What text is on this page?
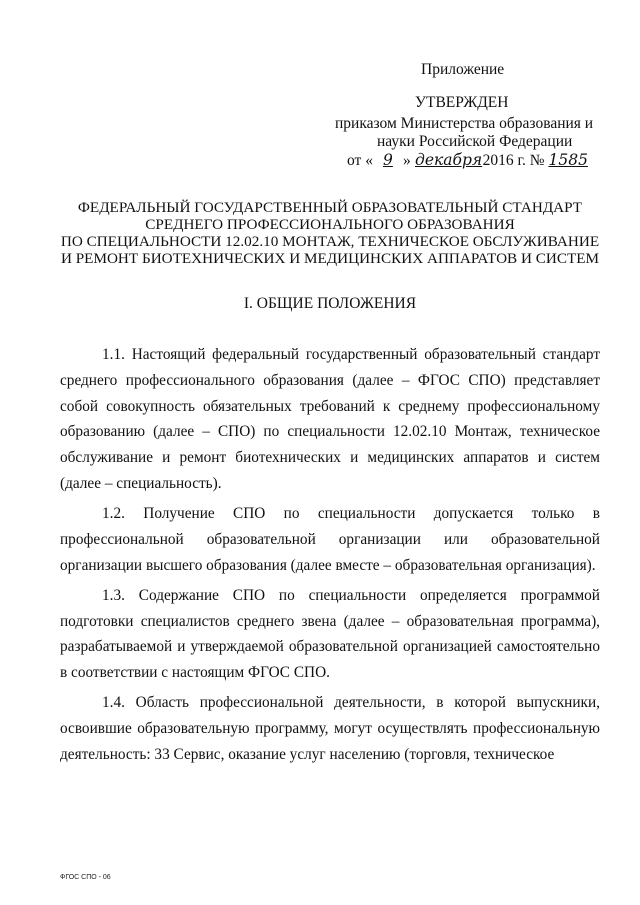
Приложение
УТВЕРЖДЕН
приказом Министерства образования и
науки Российской Федерации
от « 9 » декабря2016 г. № 1585
ФЕДЕРАЛЬНЫЙ ГОСУДАРСТВЕННЫЙ ОБРАЗОВАТЕЛЬНЫЙ СТАНДАРТ
СРЕДНЕГО ПРОФЕССИОНАЛЬНОГО ОБРАЗОВАНИЯ
ПО СПЕЦИАЛЬНОСТИ 12.02.10 МОНТАЖ, ТЕХНИЧЕСКОЕ ОБСЛУЖИВАНИЕ
И РЕМОНТ БИОТЕХНИЧЕСКИХ И МЕДИЦИНСКИХ АППАРАТОВ И СИСТЕМ
I. ОБЩИЕ ПОЛОЖЕНИЯ

1.1. Настоящий федеральный государственный образовательный стандарт среднего профессионального образования (далее – ФГОС СПО) представляет собой совокупность обязательных требований к среднему профессиональному образованию (далее – СПО) по специальности 12.02.10 Монтаж, техническое обслуживание и ремонт биотехнических и медицинских аппаратов и систем (далее – специальность).

1.2. Получение СПО по специальности допускается только в профессиональной образовательной организации или образовательной организации высшего образования (далее вместе – образовательная организация).

1.3. Содержание СПО по специальности определяется программой подготовки специалистов среднего звена (далее – образовательная программа), разрабатываемой и утверждаемой образовательной организацией самостоятельно в соответствии с настоящим ФГОС СПО.

1.4. Область профессиональной деятельности, в которой выпускники, освоившие образовательную программу, могут осуществлять профессиональную деятельность: 33 Сервис, оказание услуг населению (торговля, техническое

ФГОС СПО - 06
